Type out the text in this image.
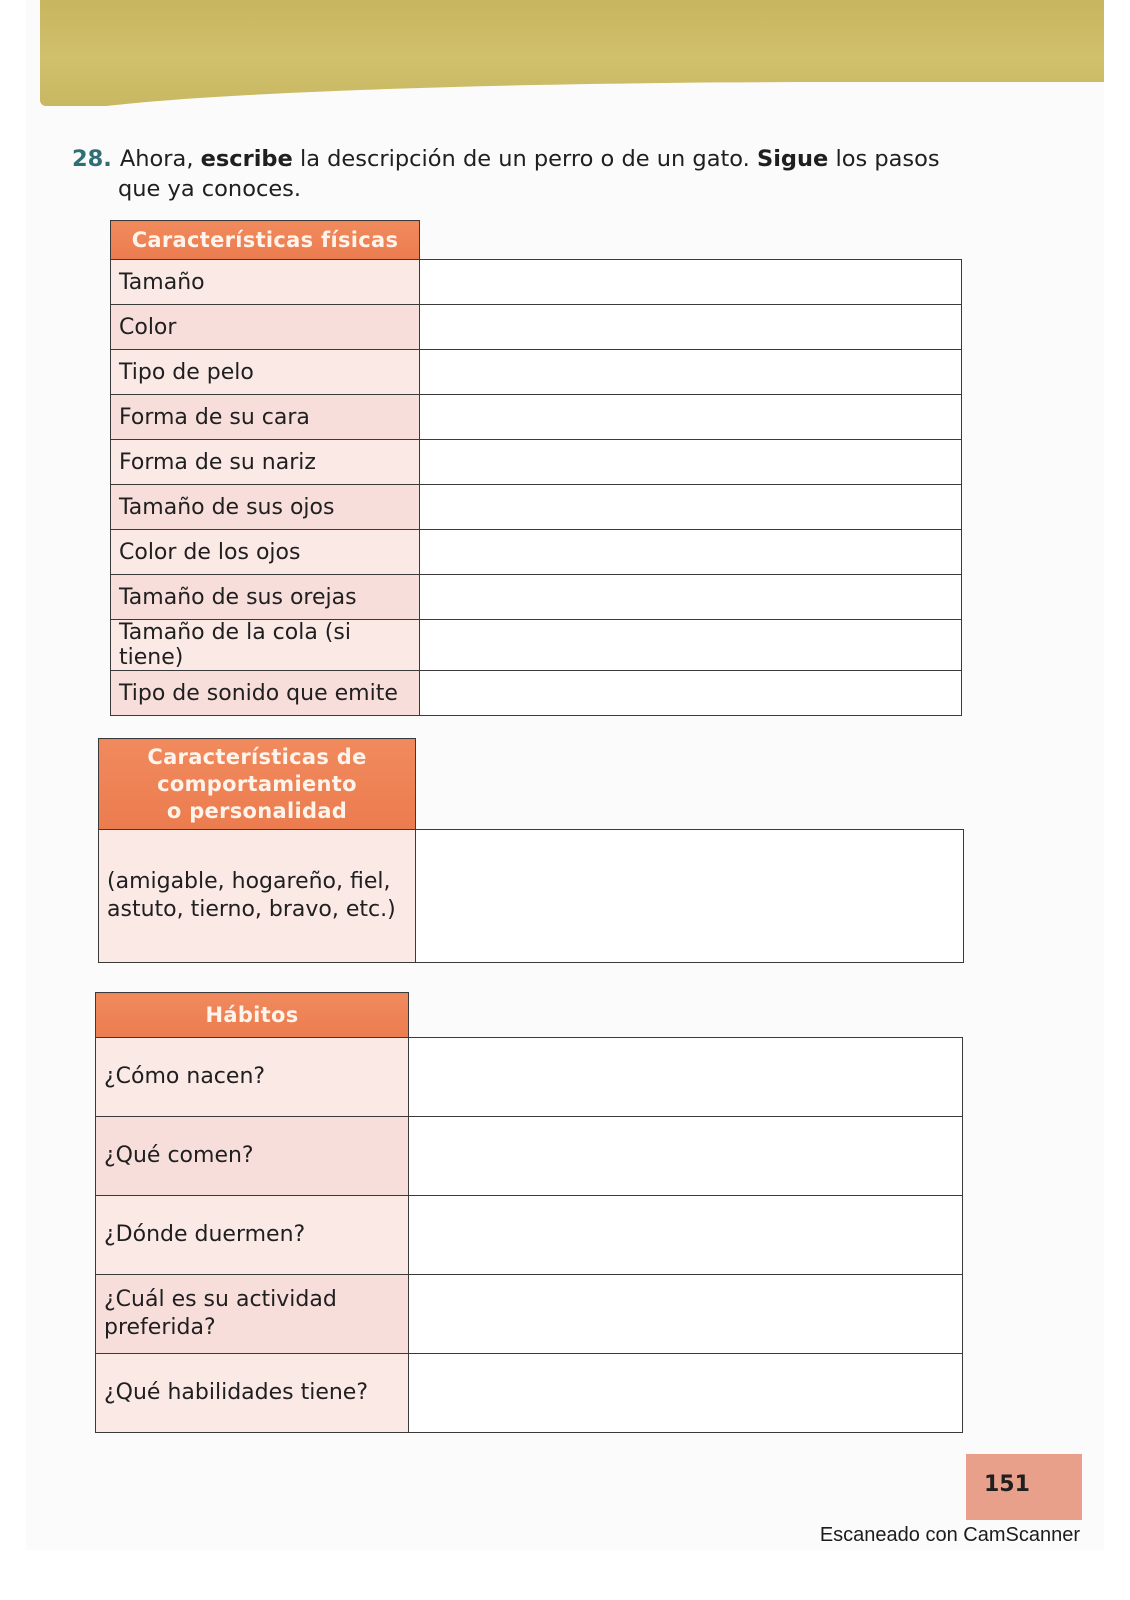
28. Ahora, escribe la descripción de un perro o de un gato. Sigue los pasos
que ya conoces.
Características físicas	
Tamaño	
Color	
Tipo de pelo	
Forma de su cara	
Forma de su nariz	
Tamaño de sus ojos	
Color de los ojos	
Tamaño de sus orejas	
Tamaño de la cola (si tiene)	
Tipo de sonido que emite	
Características de
comportamiento
o personalidad	

(amigable, hogareño, fiel,
astuto, tierno, bravo, etc.)	

Hábitos	

¿Cómo nacen?	

¿Qué comen?	

¿Dónde duermen?	

¿Cuál es su actividad
preferida?	

¿Qué habilidades tiene?	

151
Escaneado con CamScanner
